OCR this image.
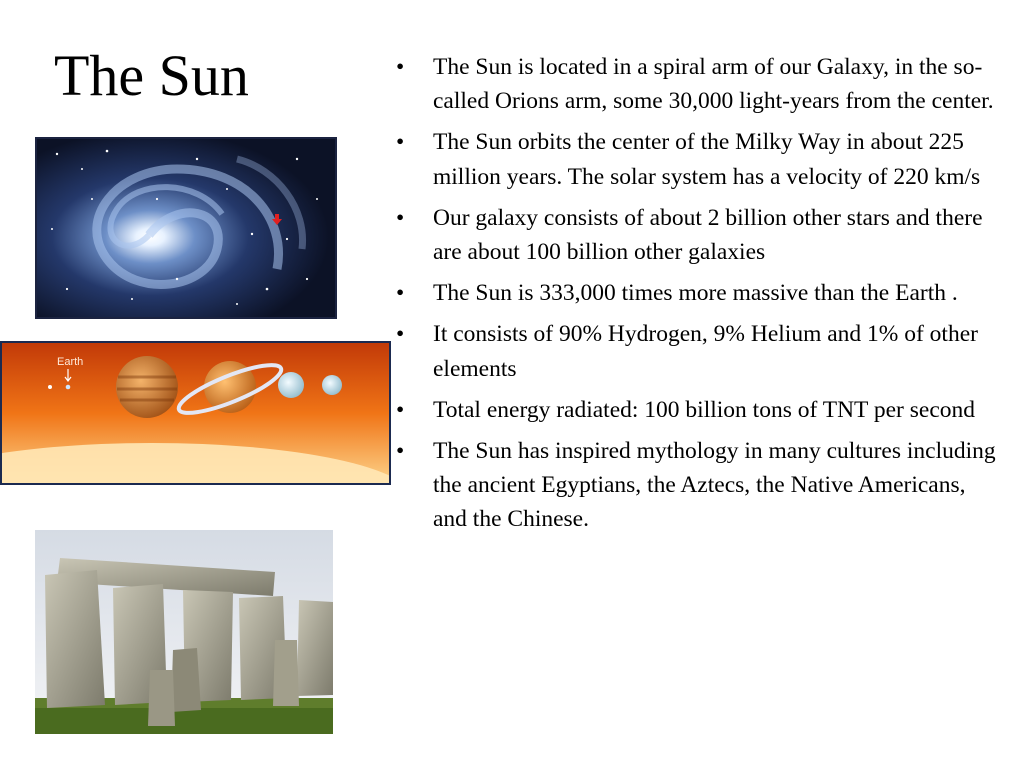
The Sun
Earth
• The Sun is located in a spiral arm of our Galaxy, in the so-called Orions arm, some 30,000 light-years from the center.
• The Sun orbits the center of the Milky Way in about 225 million years. The solar system has a velocity of 220 km/s
• Our galaxy consists of about 2 billion other stars and there are about 100 billion other galaxies
• The Sun is 333,000 times more massive than the Earth .
• It consists of 90% Hydrogen, 9% Helium and 1% of other elements
• Total energy radiated: 100 billion tons of TNT per second
• The Sun has inspired mythology in many cultures including the ancient Egyptians, the Aztecs, the Native Americans, and the Chinese.
